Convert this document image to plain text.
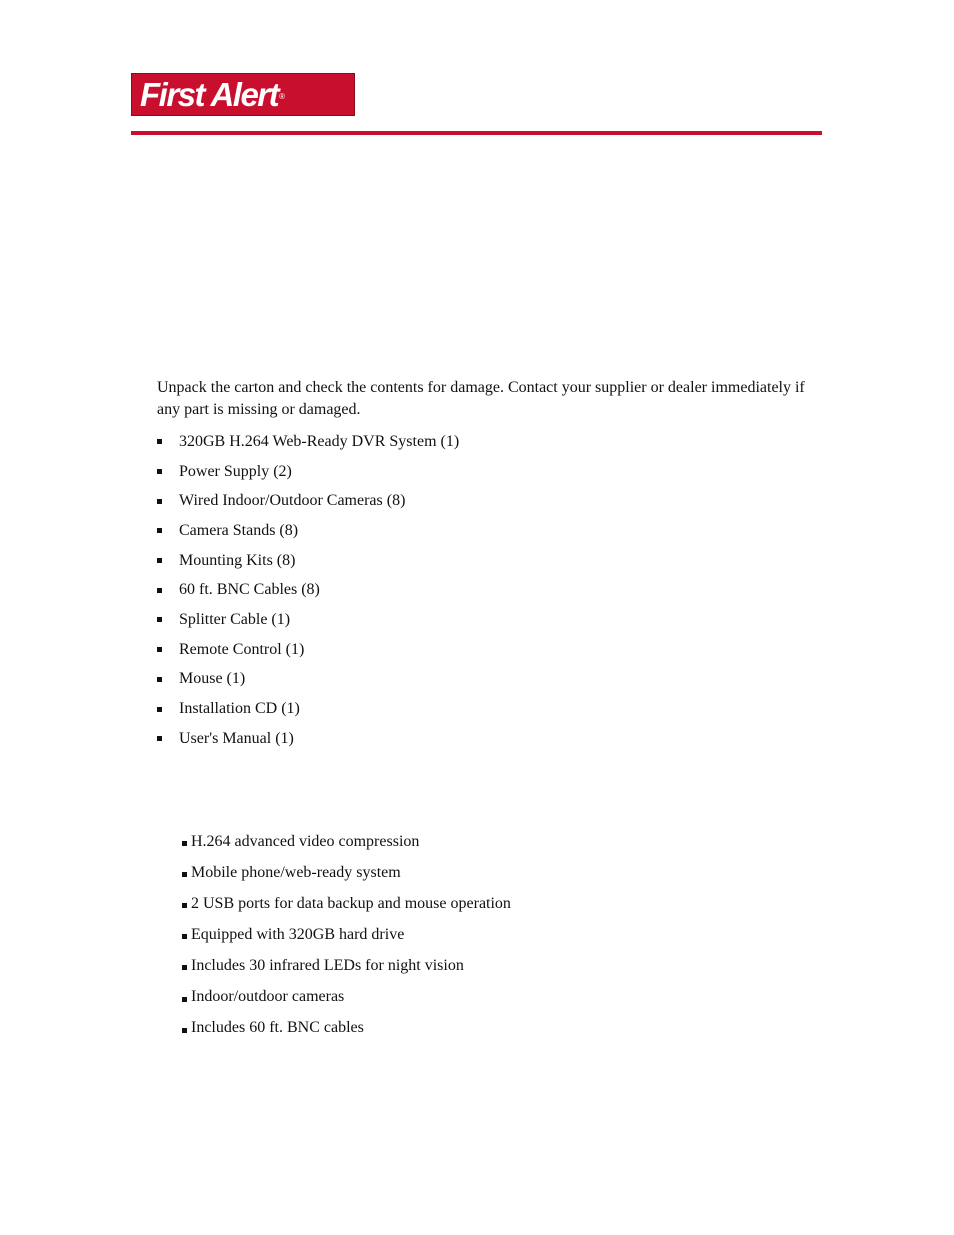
First Alert ®

Unpack the carton and check the contents for damage. Contact your supplier or dealer immediately if any part is missing or damaged.

320GB H.264 Web-Ready DVR System (1)
Power Supply (2)
Wired Indoor/Outdoor Cameras (8)
Camera Stands (8)
Mounting Kits (8)
60 ft. BNC Cables (8)
Splitter Cable (1)
Remote Control (1)
Mouse (1)
Installation CD (1)
User's Manual (1)
H.264 advanced video compression
Mobile phone/web-ready system
2 USB ports for data backup and mouse operation
Equipped with 320GB hard drive
Includes 30 infrared LEDs for night vision
Indoor/outdoor cameras
Includes 60 ft. BNC cables
